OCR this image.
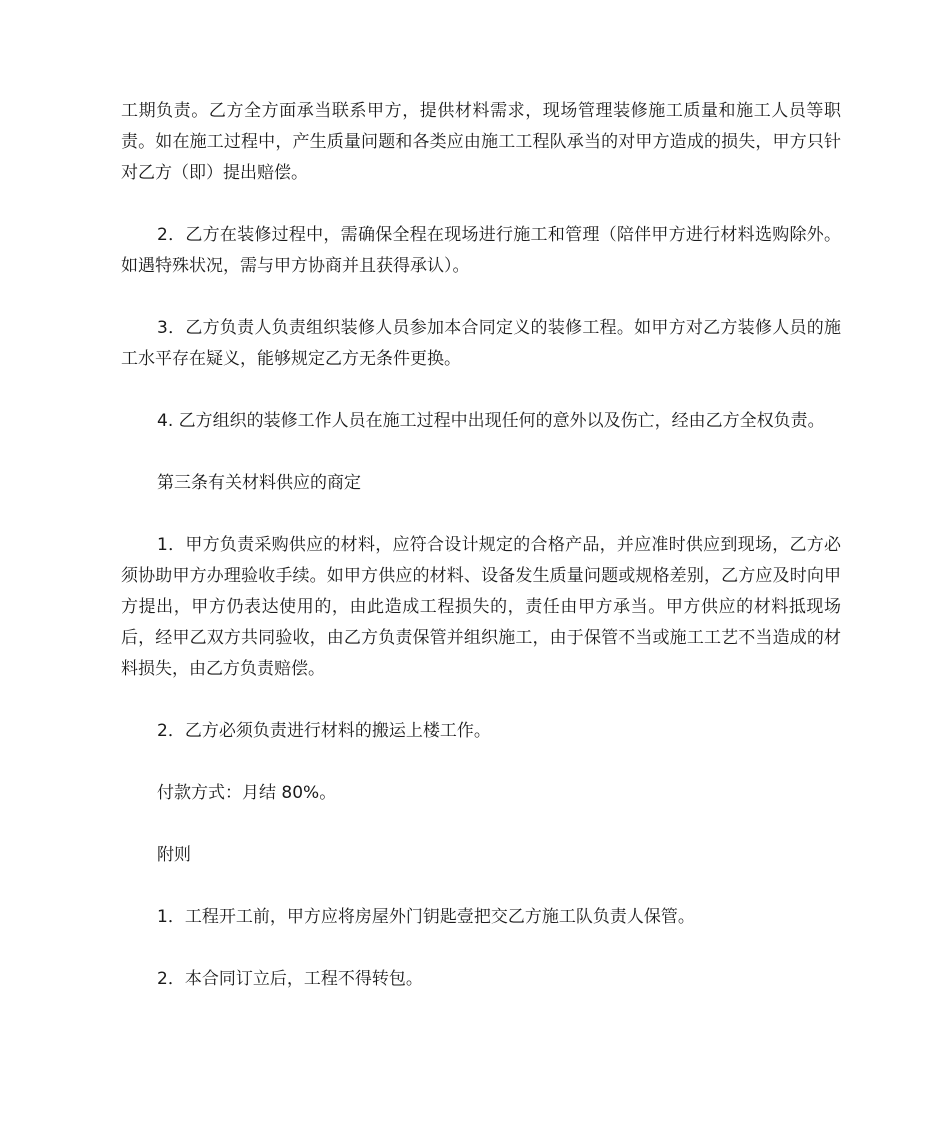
工期负责。乙方全方面承当联系甲方，提供材料需求，现场管理装修施工质量和施工人员等职责。如在施工过程中，产生质量问题和各类应由施工工程队承当的对甲方造成的损失，甲方只针对乙方（即）提出赔偿。

2．乙方在装修过程中，需确保全程在现场进行施工和管理（陪伴甲方进行材料选购除外。如遇特殊状况，需与甲方协商并且获得承认）。

3．乙方负责人负责组织装修人员参加本合同定义的装修工程。如甲方对乙方装修人员的施工水平存在疑义，能够规定乙方无条件更换。

4. 乙方组织的装修工作人员在施工过程中出现任何的意外以及伤亡，经由乙方全权负责。

第三条有关材料供应的商定

1．甲方负责采购供应的材料，应符合设计规定的合格产品，并应准时供应到现场，乙方必须协助甲方办理验收手续。如甲方供应的材料、设备发生质量问题或规格差别，乙方应及时向甲方提出，甲方仍表达使用的，由此造成工程损失的，责任由甲方承当。甲方供应的材料抵现场后，经甲乙双方共同验收，由乙方负责保管并组织施工，由于保管不当或施工工艺不当造成的材料损失，由乙方负责赔偿。

2．乙方必须负责进行材料的搬运上楼工作。

付款方式：月结 80%。

附则

1．工程开工前，甲方应将房屋外门钥匙壹把交乙方施工队负责人保管。

2．本合同订立后，工程不得转包。
